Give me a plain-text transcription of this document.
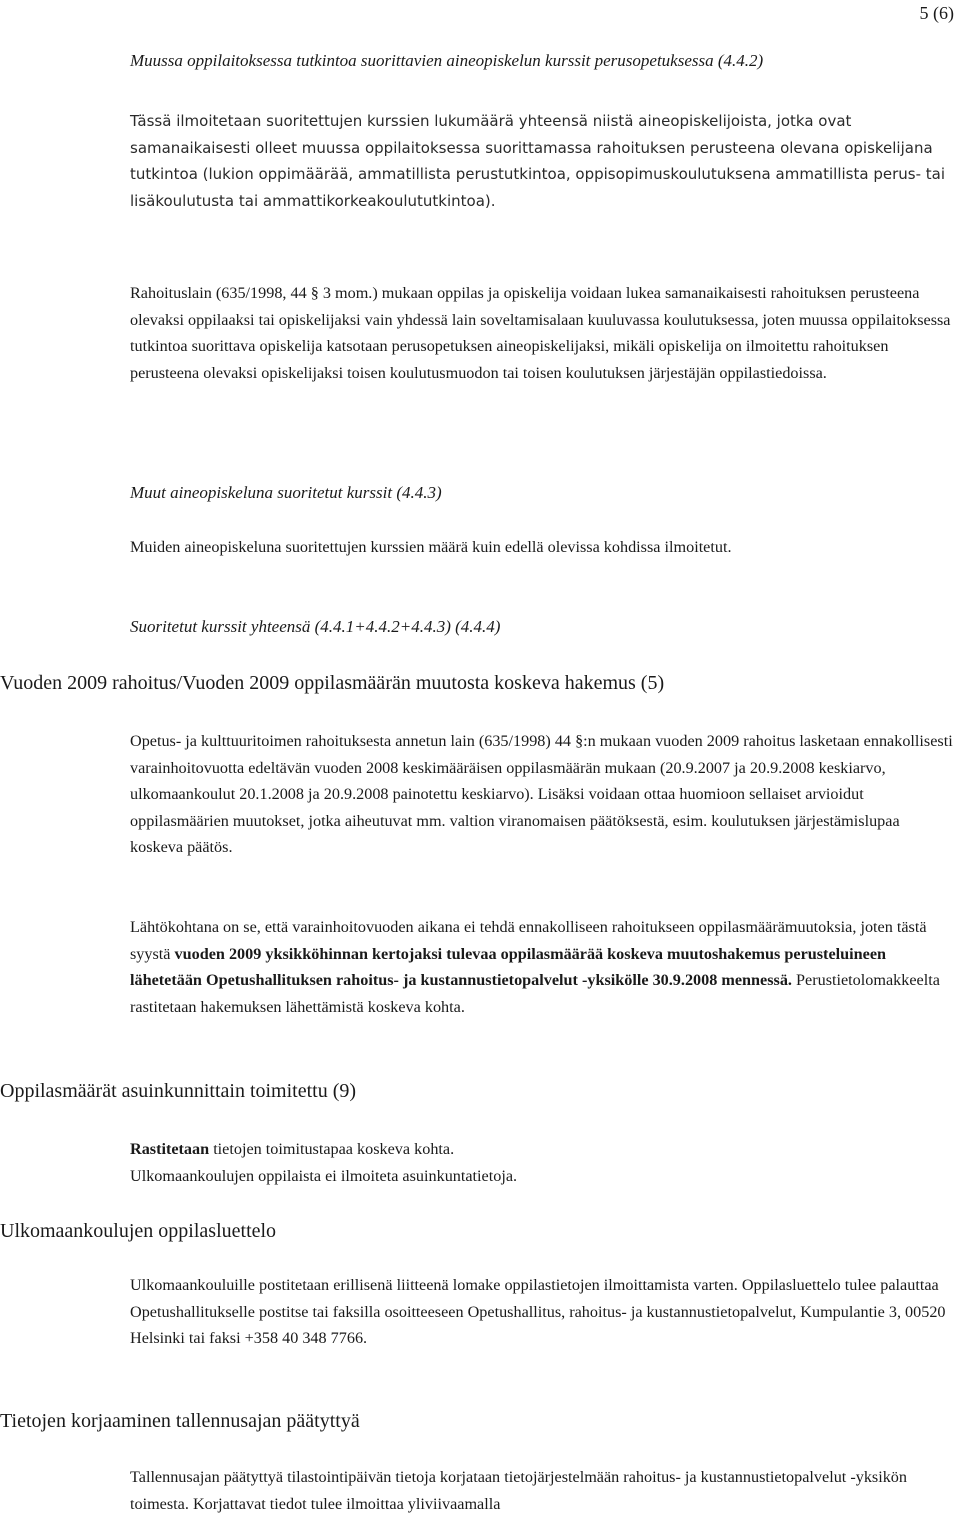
5 (6)
Muussa oppilaitoksessa tutkintoa suorittavien aineopiskelun kurssit perusopetuksessa (4.4.2)
Tässä ilmoitetaan suoritettujen kurssien lukumäärä yhteensä niistä aineopiskelijoista, jotka ovat samanaikaisesti olleet muussa oppilaitoksessa suorittamassa rahoituksen perusteena olevana opiskelijana tutkintoa (lukion oppimäärää, ammatillista perustutkintoa, oppisopimuskoulutuksena ammatillista perus- tai lisäkoulutusta tai ammattikorkeakoulututkintoa).
Rahoituslain (635/1998, 44 § 3 mom.) mukaan oppilas ja opiskelija voidaan lukea samanaikaisesti rahoituksen perusteena olevaksi oppilaaksi tai opiskelijaksi vain yhdessä lain soveltamisalaan kuuluvassa koulutuksessa, joten muussa oppilaitoksessa tutkintoa suorittava opiskelija katsotaan perusopetuksen aineopiskelijaksi, mikäli opiskelija on ilmoitettu rahoituksen perusteena olevaksi opiskelijaksi toisen koulutusmuodon tai toisen koulutuksen järjestäjän oppilastiedoissa.
Muut aineopiskeluna suoritetut kurssit (4.4.3)
Muiden aineopiskeluna suoritettujen kurssien määrä kuin edellä olevissa kohdissa ilmoitetut.
Suoritetut kurssit yhteensä (4.4.1+4.4.2+4.4.3) (4.4.4)
Vuoden 2009 rahoitus/Vuoden 2009 oppilasmäärän muutosta koskeva hakemus (5)
Opetus- ja kulttuuritoimen rahoituksesta annetun lain (635/1998) 44 §:n mukaan vuoden 2009 rahoitus lasketaan ennakollisesti varainhoitovuotta edeltävän vuoden 2008 keskimääräisen oppilasmäärän mukaan (20.9.2007 ja 20.9.2008 keskiarvo, ulkomaankoulut 20.1.2008 ja 20.9.2008 painotettu keskiarvo). Lisäksi voidaan ottaa huomioon sellaiset arvioidut oppilasmäärien muutokset, jotka aiheutuvat mm. valtion viranomaisen päätöksestä, esim. koulutuksen järjestämislupaa koskeva päätös.
Lähtökohtana on se, että varainhoitovuoden aikana ei tehdä ennakolliseen rahoitukseen oppilasmäärämuutoksia, joten tästä syystä vuoden 2009 yksikköhinnan kertojaksi tulevaa oppilasmäärää koskeva muutoshakemus perusteluineen lähetetään Opetushallituksen rahoitus- ja kustannustietopalvelut -yksikölle 30.9.2008 mennessä. Perustietolomakkeelta rastitetaan hakemuksen lähettämistä koskeva kohta.
Oppilasmäärät asuinkunnittain toimitettu (9)
Rastitetaan tietojen toimitustapaa koskeva kohta.
Ulkomaankoulujen oppilaista ei ilmoiteta asuinkuntatietoja.
Ulkomaankoulujen oppilasluettelo
Ulkomaankouluille postitetaan erillisenä liitteenä lomake oppilastietojen ilmoittamista varten. Oppilasluettelo tulee palauttaa Opetushallitukselle postitse tai faksilla osoitteeseen Opetushallitus, rahoitus- ja kustannustietopalvelut, Kumpulantie 3, 00520 Helsinki tai faksi +358 40 348 7766.
Tietojen korjaaminen tallennusajan päätyttyä
Tallennusajan päätyttyä tilastointipäivän tietoja korjataan tietojärjestelmään rahoitus- ja kustannustietopalvelut -yksikön toimesta. Korjattavat tiedot tulee ilmoittaa yliviivaamalla
